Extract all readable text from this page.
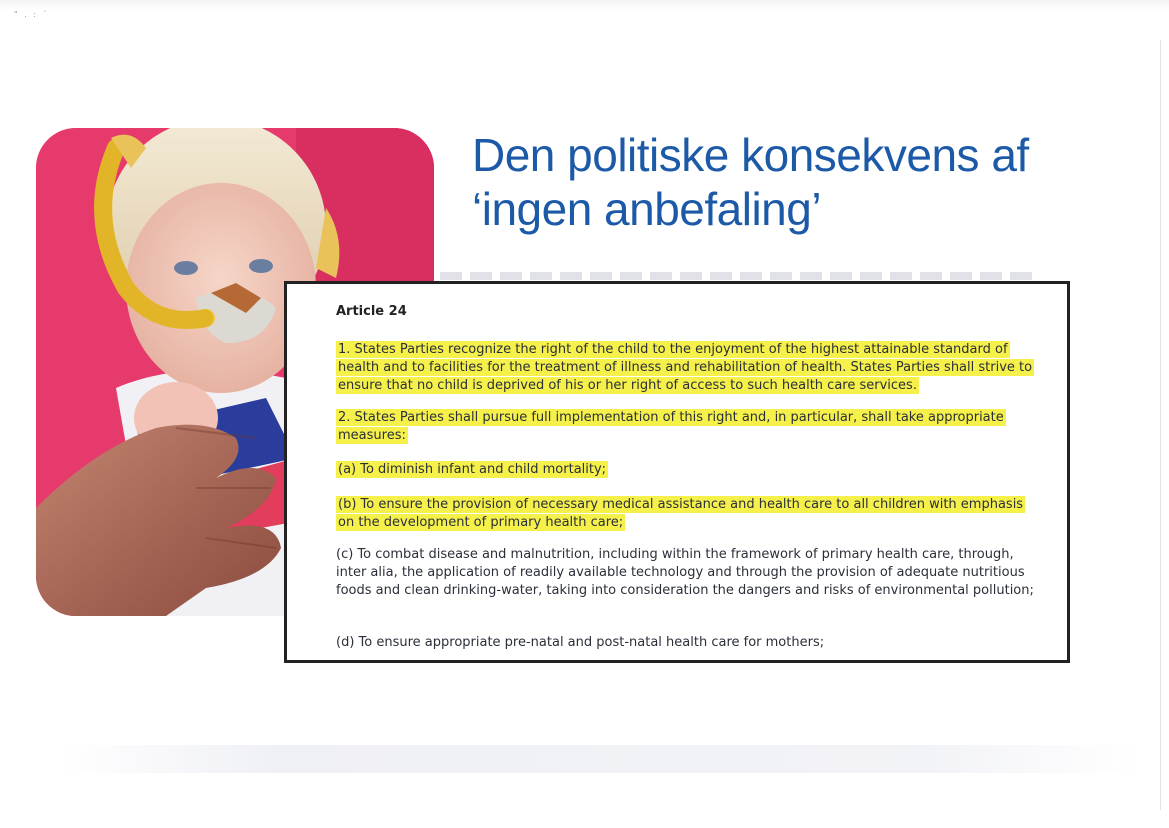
" . : ´
Den politiske konsekvens af
‘ingen anbefaling’
Article 24

1. States Parties recognize the right of the child to the enjoyment of the highest attainable standard of health and to facilities for the treatment of illness and rehabilitation of health. States Parties shall strive to ensure that no child is deprived of his or her right of access to such health care services.

2. States Parties shall pursue full implementation of this right and, in particular, shall take appropriate measures:

(a) To diminish infant and child mortality;

(b) To ensure the provision of necessary medical assistance and health care to all children with emphasis on the development of primary health care;

(c) To combat disease and malnutrition, including within the framework of primary health care, through, inter alia, the application of readily available technology and through the provision of adequate nutritious foods and clean drinking-water, taking into consideration the dangers and risks of environmental pollution;

(d) To ensure appropriate pre-natal and post-natal health care for mothers;
